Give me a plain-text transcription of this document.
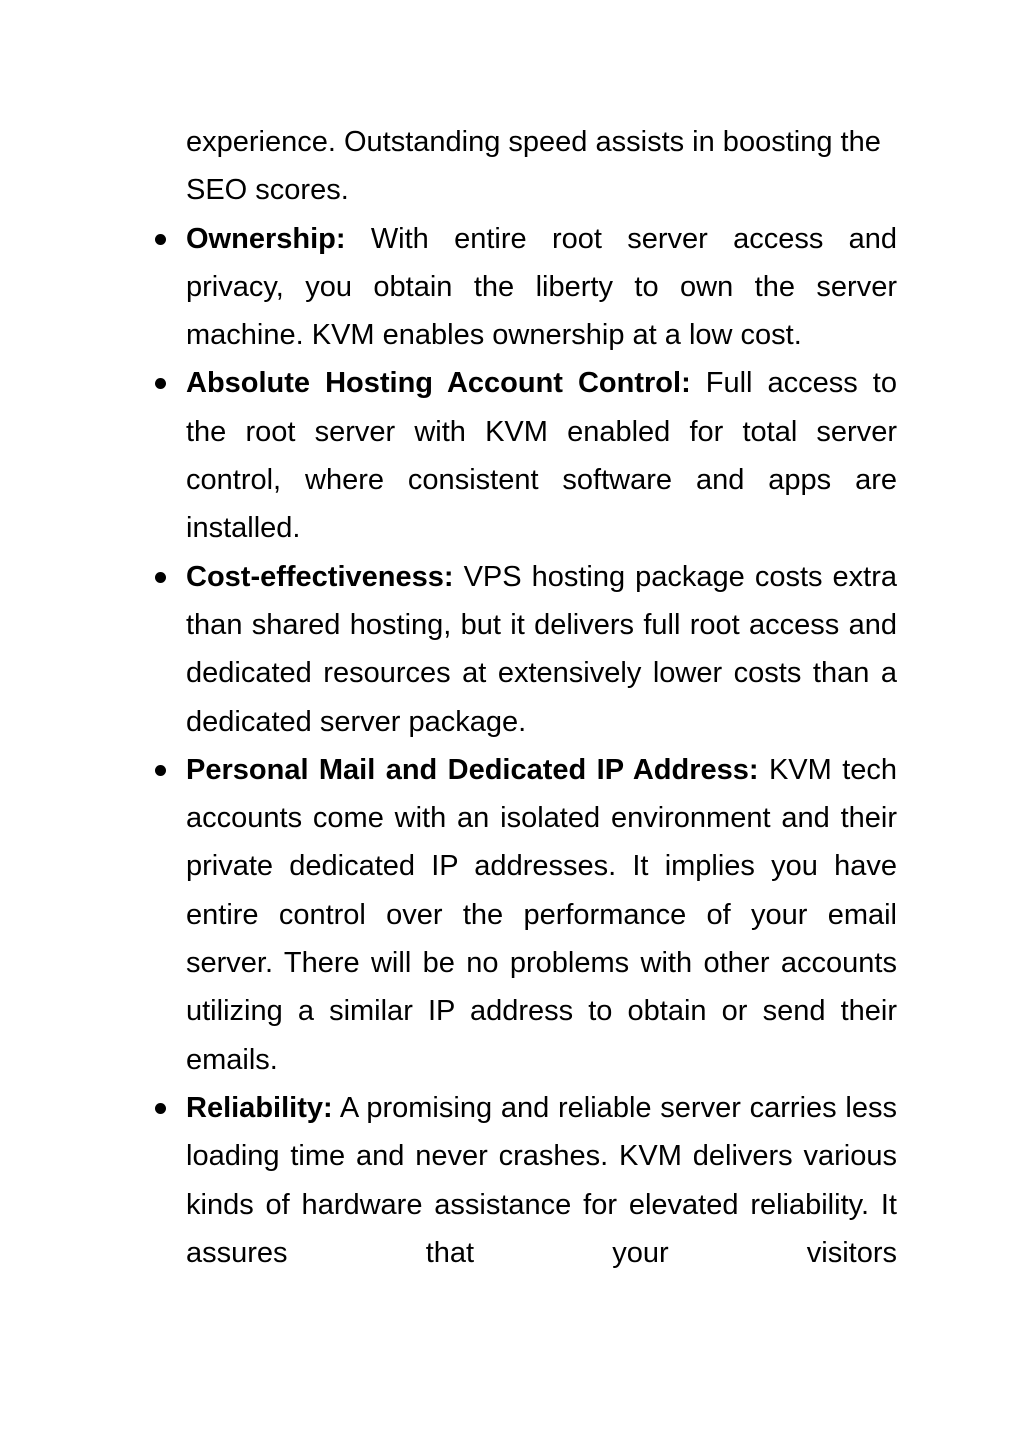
experience. Outstanding speed assists in boosting the SEO scores.

Ownership: With entire root server access and privacy, you obtain the liberty to own the server machine. KVM enables ownership at a low cost.
Absolute Hosting Account Control: Full access to the root server with KVM enabled for total server control, where consistent software and apps are installed.
Cost-effectiveness: VPS hosting package costs extra than shared hosting, but it delivers full root access and dedicated resources at extensively lower costs than a dedicated server package.
Personal Mail and Dedicated IP Address: KVM tech accounts come with an isolated environment and their private dedicated IP addresses. It implies you have entire control over the performance of your email server. There will be no problems with other accounts utilizing a similar IP address to obtain or send their emails.
Reliability: A promising and reliable server carries less loading time and never crashes. KVM delivers various kinds of hardware assistance for elevated reliability. It assures that your visitors
